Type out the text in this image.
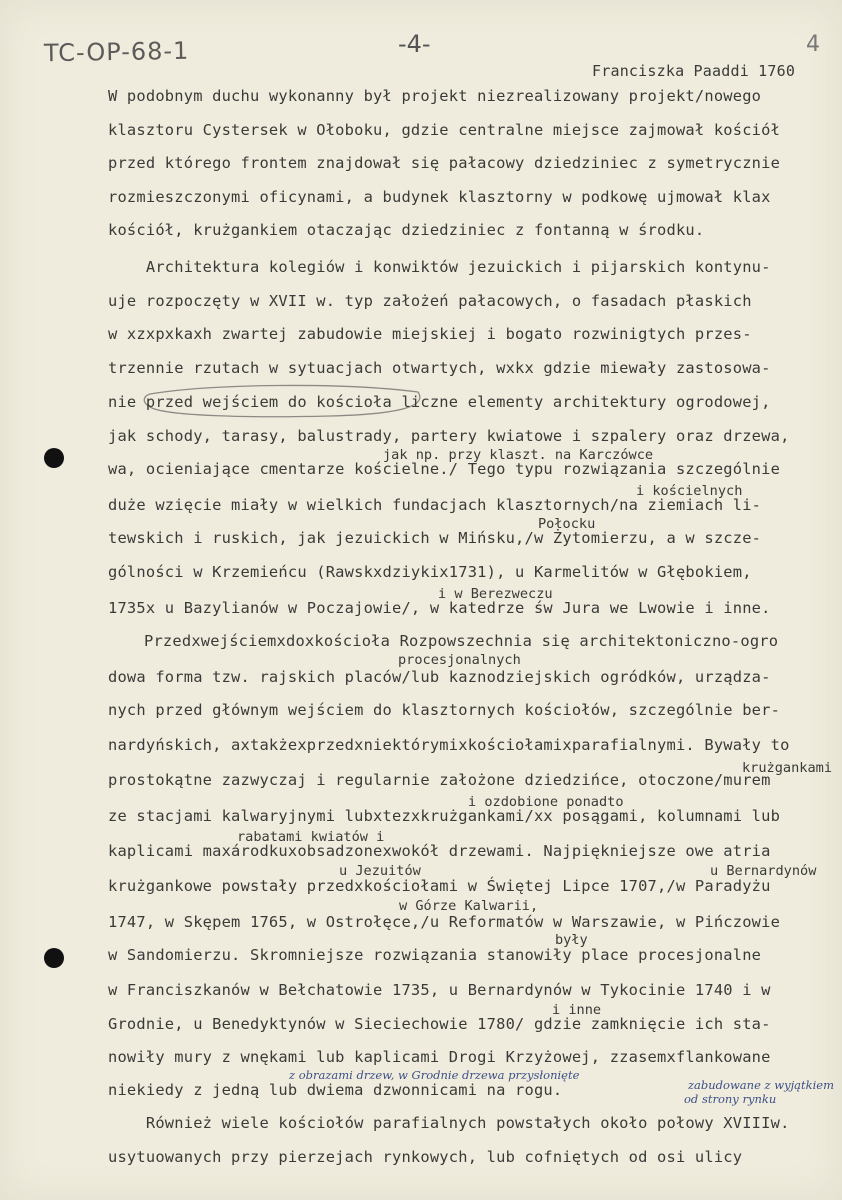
TC-OP-68-1	-4-	4
Franciszka Paaddi 1760
W podobnym duchu wykonanny był projekt niezrealizowany projekt/nowego
klasztoru Cystersek w Ołoboku, gdzie centralne miejsce zajmował kościół
przed którego frontem znajdował się pałacowy dziedziniec z symetrycznie
rozmieszczonymi oficynami, a budynek klasztorny w podkowę ujmował klax
kościół, krużgankiem otaczając dziedziniec z fontanną w środku.
Architektura kolegiów i konwiktów jezuickich i pijarskich kontynu-
uje rozpoczęty w XVII w. typ założeń pałacowych, o fasadach płaskich
w xzxpxkaxh zwartej zabudowie miejskiej i bogato rozwinigtych przes-
trzennie rzutach w sytuacjach otwartych, wxkx gdzie miewały zastosowa-
nie przed wejściem do kościoła liczne elementy architektury ogrodowej,
jak schody, tarasy, balustrady, partery kwiatowe i szpalery oraz drzewa,
wa, ocieniające cmentarze kościelne./ Tego typu rozwiązania szczególnie
duże wzięcie miały w wielkich fundacjach klasztornych/na ziemiach li-
tewskich i ruskich, jak jezuickich w Mińsku,/w Żytomierzu, a w szcze-
gólności w Krzemieńcu (Rawskxdziykix1731), u Karmelitów w Głębokiem,
1735x u Bazylianów w Poczajowie/, w katedrze św Jura we Lwowie i inne.
Przedxwejściemxdoxkościoła Rozpowszechnia się architektoniczno-ogro
dowa forma tzw. rajskich placów/lub kaznodziejskich ogródków, urządza-
nych przed głównym wejściem do klasztornych kościołów, szczególnie ber-
nardyńskich, axtakżexprzedxniektórymixkościołamixparafialnymi. Bywały to
prostokątne zazwyczaj i regularnie założone dziedzińce, otoczone/murem
ze stacjami kalwaryjnymi lubxtezxkrużgankami/xx posągami, kolumnami lub
kaplicami maxárodkuxobsadzonexwokół drzewami. Najpiękniejsze owe atria
krużgankowe powstały przedxkościołami w Świętej Lipce 1707,/w Paradyżu
1747, w Skępem 1765, w Ostrołęce,/u Reformatów w Warszawie, w Pińczowie
w Sandomierzu. Skromniejsze rozwiązania stanowiły place procesjonalne
w Franciszkanów w Bełchatowie 1735, u Bernardynów w Tykocinie 1740 i w
Grodnie, u Benedyktynów w Sieciechowie 1780/ gdzie zamknięcie ich sta-
nowiły mury z wnękami lub kaplicami Drogi Krzyżowej, zzasemxflankowane
niekiedy z jedną lub dwiema dzwonnicami na rogu.
Również wiele kościołów parafialnych powstałych około połowy XVIIIw.
usytuowanych przy pierzejach rynkowych, lub cofniętych od osi ulicy
jak np. przy klaszt. na Karczówce
i kościelnych
Połocku
i w Berezweczu
procesjonalnych
krużgankami
i ozdobione ponadto
rabatami kwiatów i
u Jezuitów	u Bernardynów
w Górze Kalwarii,
były
i inne
z obrazami drzew, w Grodnie drzewa przysłonięte
zabudowane z wyjątkiem
od strony rynku
